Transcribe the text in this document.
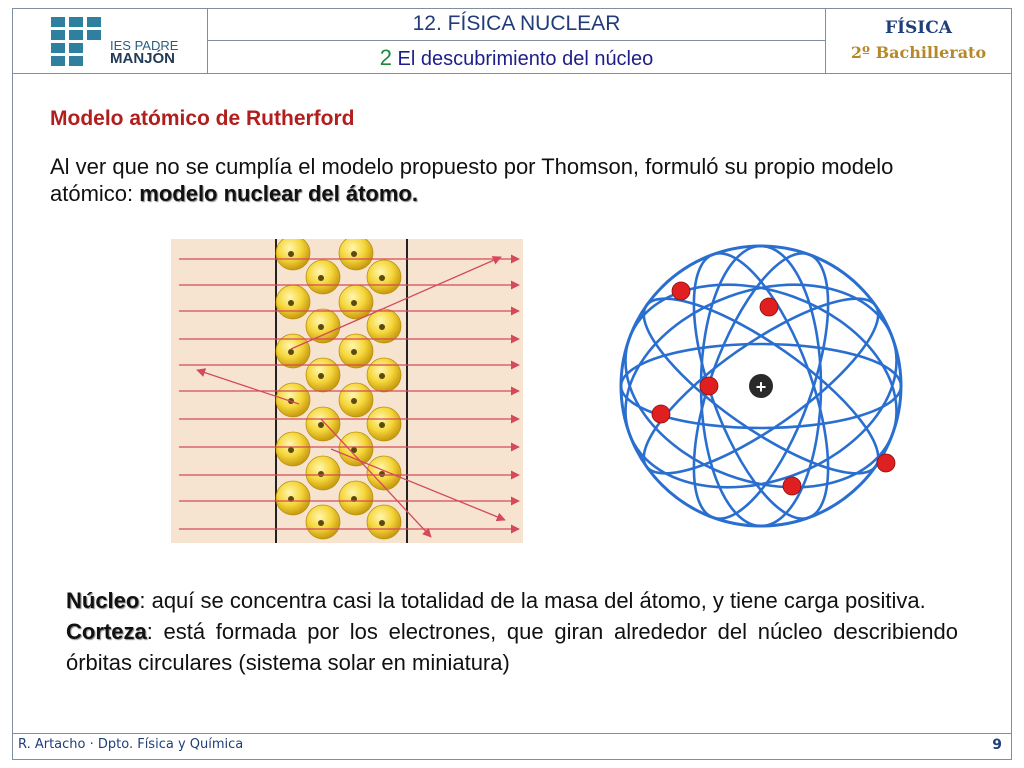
IES PADRE
MANJÓN
12. FÍSICA NUCLEAR
2 El descubrimiento del núcleo
FÍSICA
2º Bachillerato
Modelo atómico de Rutherford
Al ver que no se cumplía el modelo propuesto por Thomson, formuló su propio modelo atómico: modelo nuclear del átomo.
+

Núcleo: aquí se concentra casi la totalidad de la masa del átomo, y tiene carga positiva.

Corteza: está formada por los electrones, que giran alrededor del núcleo describiendo órbitas circulares (sistema solar en miniatura)

R. Artacho · Dpto. Física y Química	9
